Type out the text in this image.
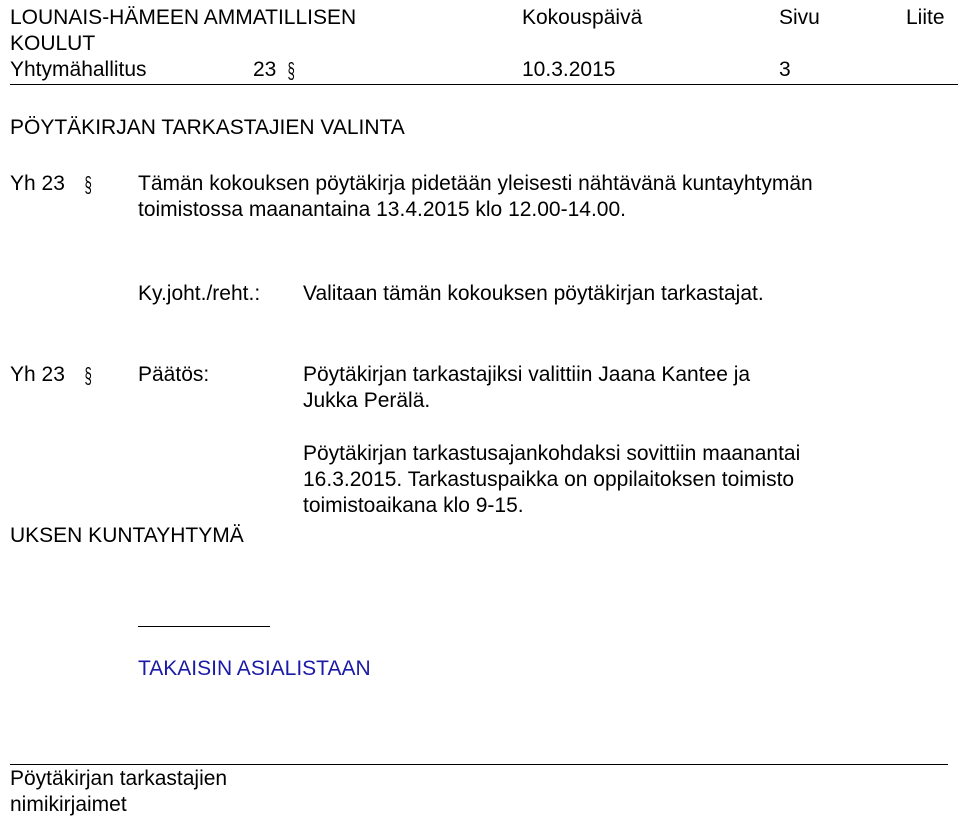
LOUNAIS-HÄMEEN AMMATILLISEN	Kokouspäivä	Sivu	Liite
KOULUT
Yhtymähallitus	23 §	10.3.2015	3
PÖYTÄKIRJAN TARKASTAJIEN VALINTA
Yh 23 § Tämän kokouksen pöytäkirja pidetään yleisesti nähtävänä kuntayhtymän
toimistossa maanantaina 13.4.2015 klo 12.00-14.00.
Ky.joht./reht.: Valitaan tämän kokouksen pöytäkirjan tarkastajat.
Yh 23 § Päätös:	Pöytäkirjan tarkastajiksi valittiin Jaana Kantee ja
Jukka Perälä.
Pöytäkirjan tarkastusajankohdaksi sovittiin maanantai
16.3.2015. Tarkastuspaikka on oppilaitoksen toimisto
toimistoaikana klo 9-15.
UKSEN KUNTAYHTYMÄ
TAKAISIN ASIALISTAAN
Pöytäkirjan tarkastajien
nimikirjaimet
